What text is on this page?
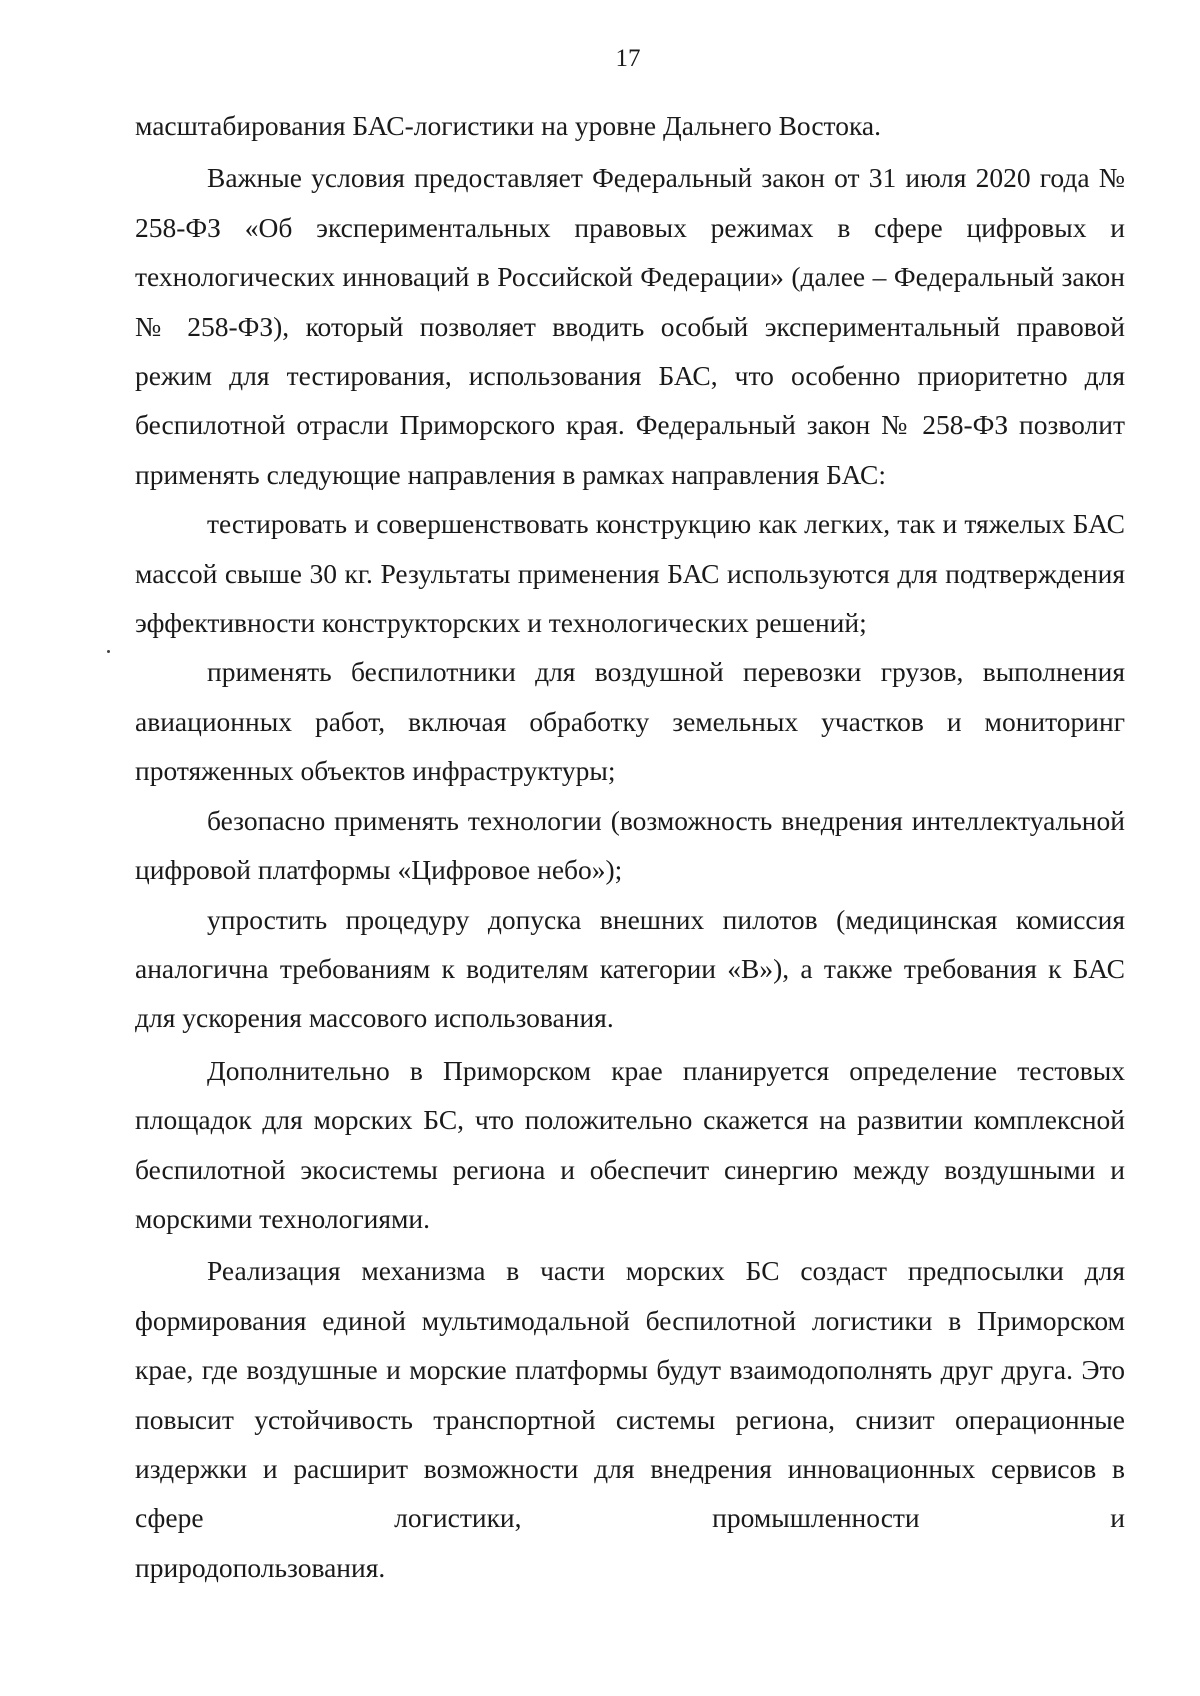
17

масштабирования БАС-логистики на уровне Дальнего Востока.

Важные условия предоставляет Федеральный закон от 31 июля 2020 года № 258-ФЗ «Об экспериментальных правовых режимах в сфере цифровых и технологических инноваций в Российской Федерации» (далее – Федеральный закон № 258-ФЗ), который позволяет вводить особый экспериментальный правовой режим для тестирования, использования БАС, что особенно приоритетно для беспилотной отрасли Приморского края. Федеральный закон № 258-ФЗ позволит применять следующие направления в рамках направления БАС:

тестировать и совершенствовать конструкцию как легких, так и тяжелых БАС массой свыше 30 кг. Результаты применения БАС используются для подтверждения эффективности конструкторских и технологических решений;

применять беспилотники для воздушной перевозки грузов, выполнения авиационных работ, включая обработку земельных участков и мониторинг протяженных объектов инфраструктуры;

безопасно применять технологии (возможность внедрения интеллектуальной цифровой платформы «Цифровое небо»);

упростить процедуру допуска внешних пилотов (медицинская комиссия аналогична требованиям к водителям категории «B»), а также требования к БАС для ускорения массового использования.

Дополнительно в Приморском крае планируется определение тестовых площадок для морских БС, что положительно скажется на развитии комплексной беспилотной экосистемы региона и обеспечит синергию между воздушными и морскими технологиями.

Реализация механизма в части морских БС создаст предпосылки для формирования единой мультимодальной беспилотной логистики в Приморском крае, где воздушные и морские платформы будут взаимодополнять друг друга. Это повысит устойчивость транспортной системы региона, снизит операционные издержки и расширит возможности для внедрения инновационных сервисов в сфере логистики, промышленности и

природопользования.
